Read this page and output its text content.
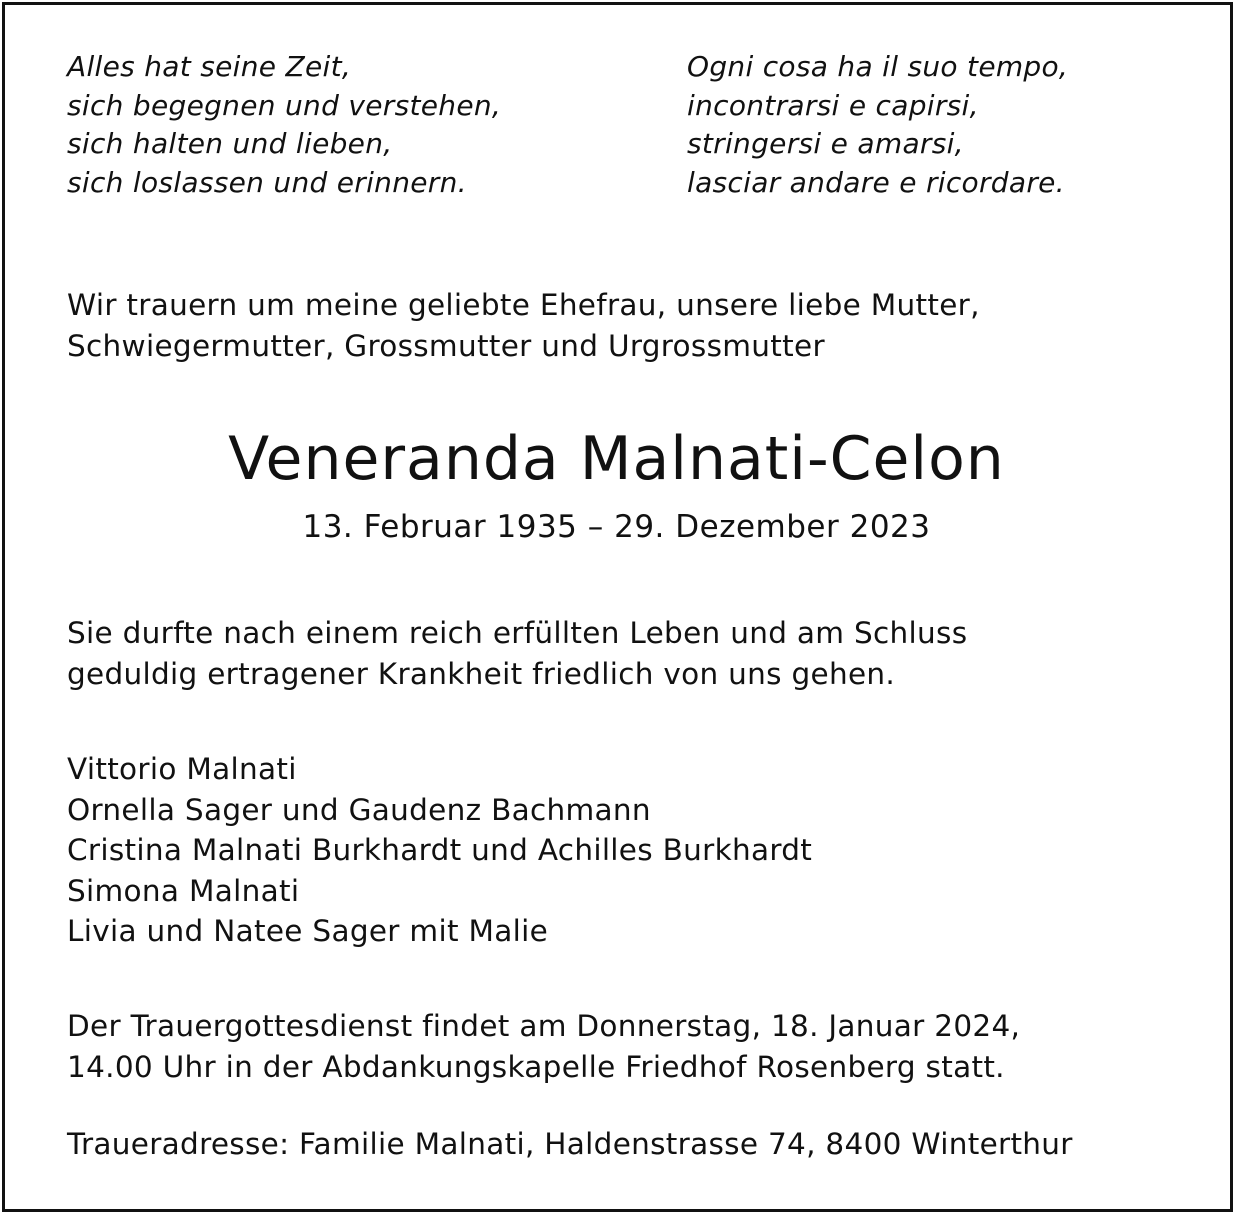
Alles hat seine Zeit,
sich begegnen und verstehen,
sich halten und lieben,
sich loslassen und erinnern.
Ogni cosa ha il suo tempo,
incontrarsi e capirsi,
stringersi e amarsi,
lasciar andare e ricordare.
Wir trauern um meine geliebte Ehefrau, unsere liebe Mutter,
Schwiegermutter, Grossmutter und Urgrossmutter
Veneranda Malnati-Celon
13. Februar 1935 – 29. Dezember 2023
Sie durfte nach einem reich erfüllten Leben und am Schluss
geduldig ertragener Krankheit friedlich von uns gehen.
Vittorio Malnati
Ornella Sager und Gaudenz Bachmann
Cristina Malnati Burkhardt und Achilles Burkhardt
Simona Malnati
Livia und Natee Sager mit Malie
Der Trauergottesdienst findet am Donnerstag, 18. Januar 2024,
14.00 Uhr in der Abdankungskapelle Friedhof Rosenberg statt.
Traueradresse: Familie Malnati, Haldenstrasse 74, 8400 Winterthur
